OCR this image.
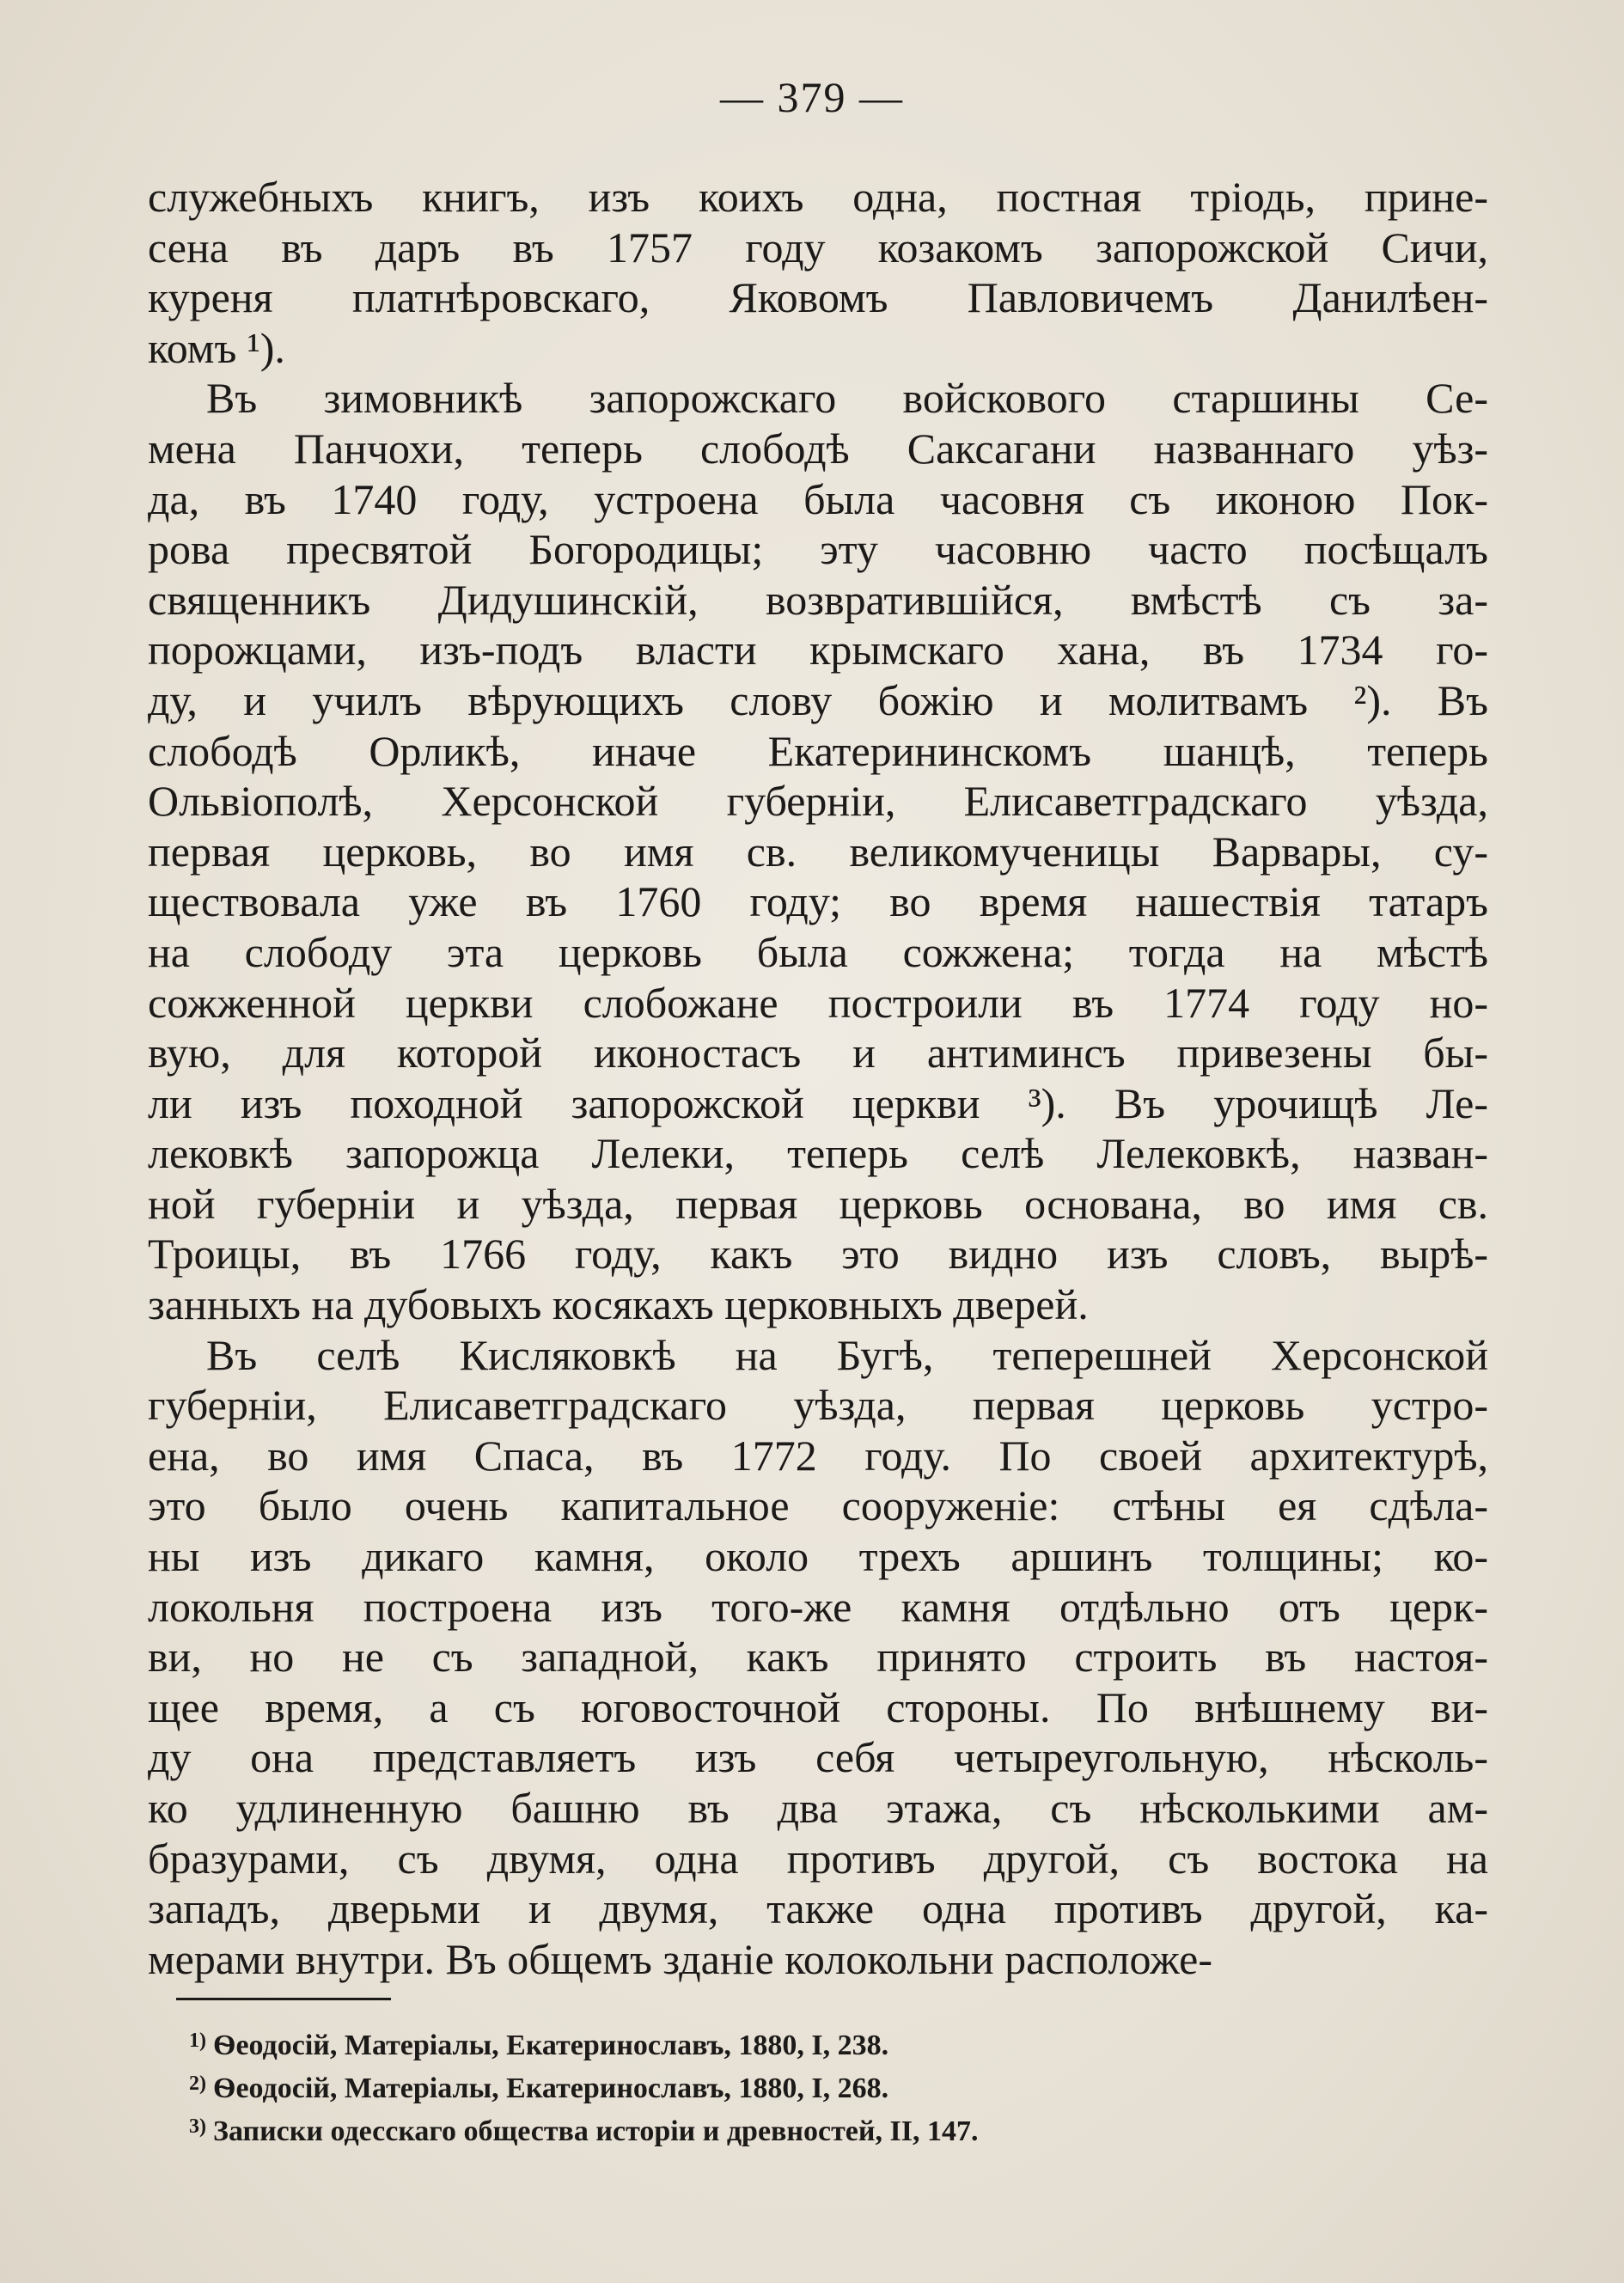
— 379 —
служебныхъ книгъ, изъ коихъ одна, постная тріодь, прине-
сена въ даръ въ 1757 году козакомъ запорожской Сичи,
куреня платнѣровскаго, Яковомъ Павловичемъ Данилѣен-
комъ ¹).
Въ зимовникѣ запорожскаго войскового старшины Се-
мена Панчохи, теперь слободѣ Саксагани названнаго уѣз-
да, въ 1740 году, устроена была часовня съ иконою Пок-
рова пресвятой Богородицы; эту часовню часто посѣщалъ
священникъ Дидушинскій, возвратившійся, вмѣстѣ съ за-
порожцами, изъ-подъ власти крымскаго хана, въ 1734 го-
ду, и училъ вѣрующихъ слову божію и молитвамъ ²). Въ
слободѣ Орликѣ, иначе Екатерининскомъ шанцѣ, теперь
Ольвіополѣ, Херсонской губерніи, Елисаветградскаго уѣзда,
первая церковь, во имя св. великомученицы Варвары, су-
ществовала уже въ 1760 году; во время нашествія татаръ
на слободу эта церковь была сожжена; тогда на мѣстѣ
сожженной церкви слобожане построили въ 1774 году но-
вую, для которой иконостасъ и антиминсъ привезены бы-
ли изъ походной запорожской церкви ³). Въ урочищѣ Ле-
лековкѣ запорожца Лелеки, теперь селѣ Лелековкѣ, назван-
ной губерніи и уѣзда, первая церковь основана, во имя св.
Троицы, въ 1766 году, какъ это видно изъ словъ, вырѣ-
занныхъ на дубовыхъ косякахъ церковныхъ дверей.
Въ селѣ Кисляковкѣ на Бугѣ, теперешней Херсонской
губерніи, Елисаветградскаго уѣзда, первая церковь устро-
ена, во имя Спаса, въ 1772 году. По своей архитектурѣ,
это было очень капитальное сооруженіе: стѣны ея сдѣла-
ны изъ дикаго камня, около трехъ аршинъ толщины; ко-
локольня построена изъ того-же камня отдѣльно отъ церк-
ви, но не съ западной, какъ принято строить въ настоя-
щее время, а съ юговосточной стороны. По внѣшнему ви-
ду она представляетъ изъ себя четыреугольную, нѣсколь-
ко удлиненную башню въ два этажа, съ нѣсколькими ам-
бразурами, съ двумя, одна противъ другой, съ востока на
западъ, дверьми и двумя, также одна противъ другой, ка-
мерами внутри. Въ общемъ зданіе колокольни расположе-
$^{1)}$ Ѳеодосій, Матеріалы, Екатеринославъ, 1880, I, 238.
$^{2)}$ Ѳеодосій, Матеріалы, Екатеринославъ, 1880, I, 268.
$^{3)}$ Записки одесскаго общества исторіи и древностей, II, 147.
